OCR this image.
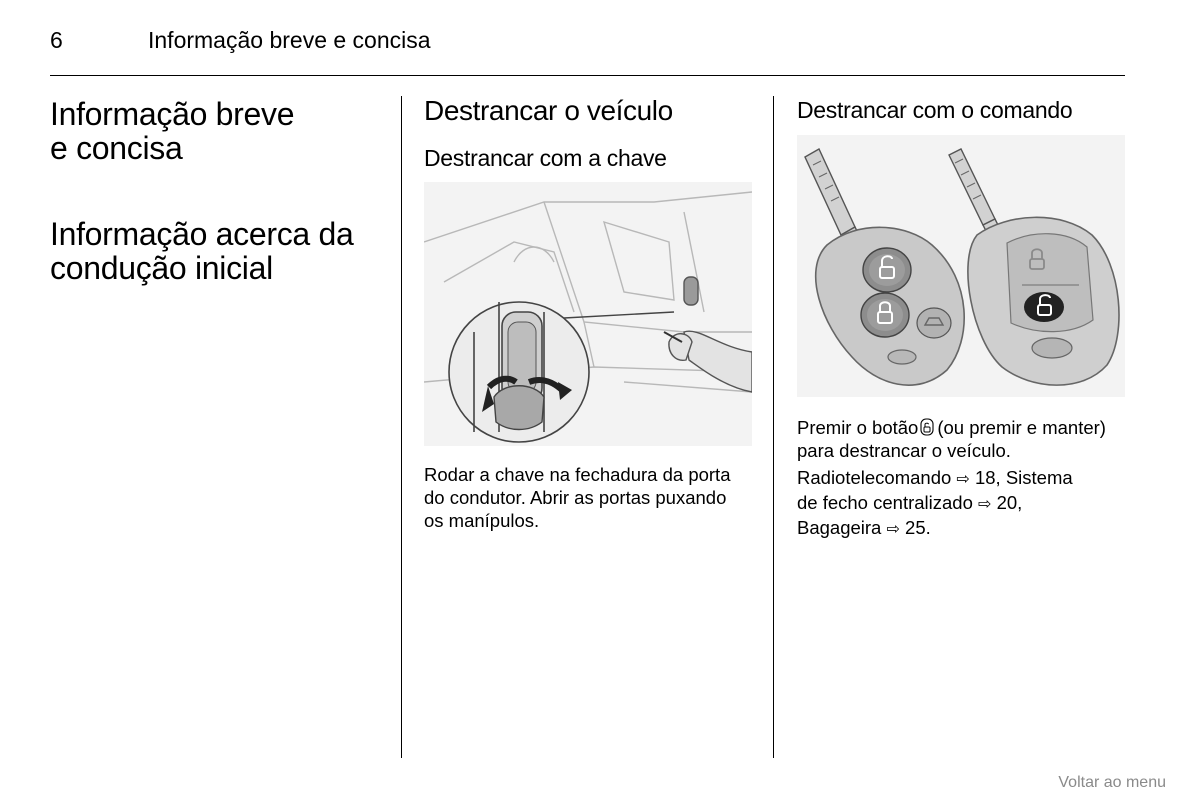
6	Informação breve e concisa
Informação breve
e concisa
Informação acerca da
condução inicial
Destrancar o veículo
Destrancar com a chave
Rodar a chave na fechadura da porta
do condutor. Abrir as portas puxando
os manípulos.
Destrancar com o comando
Premir o botão (ou premir e manter)
para destrancar o veículo.
Radiotelecomando ⇨ 18, Sistema
de fecho centralizado ⇨ 20,
Bagageira ⇨ 25.
Voltar ao menu
